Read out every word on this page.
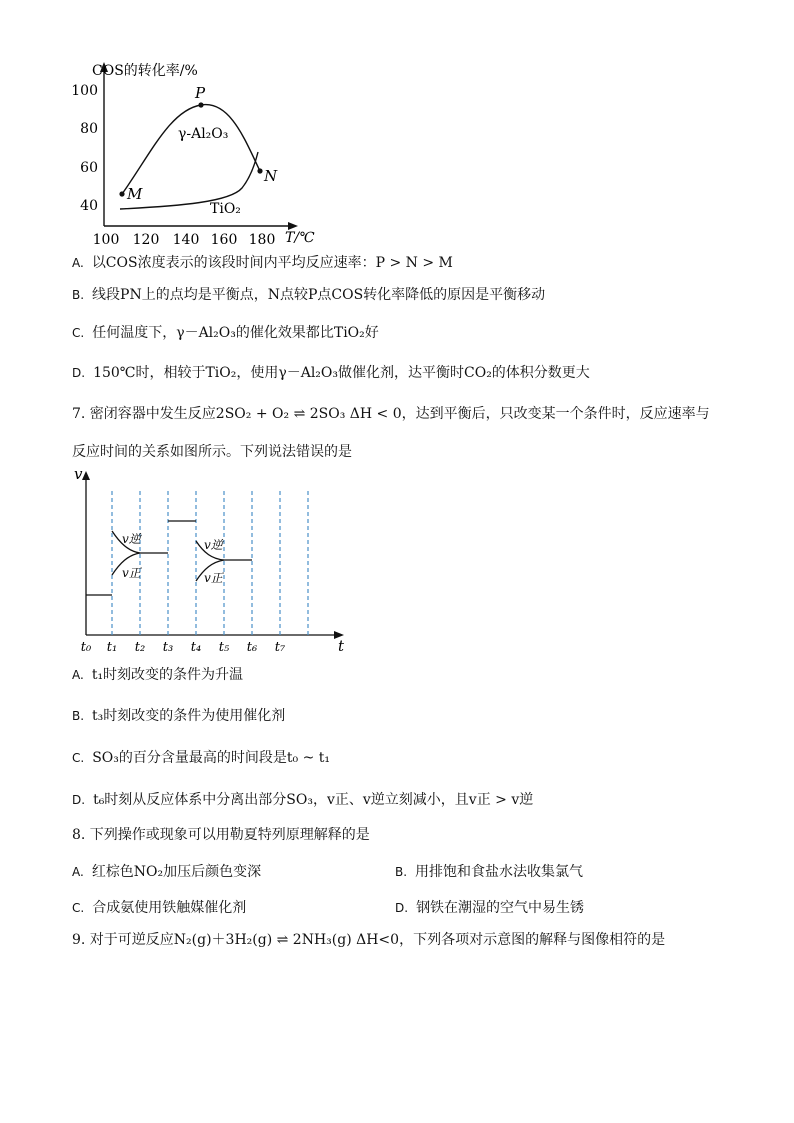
COS的转化率/%
100
80
60
40
100 120 140 160 180 T/℃
P
M
N
γ-Al₂O₃
TiO₂
A. 以COS浓度表示的该段时间内平均反应速率：P > N > M
B. 线段PN上的点均是平衡点，N点较P点COS转化率降低的原因是平衡移动
C. 任何温度下，γ－Al₂O₃的催化效果都比TiO₂好
D. 150℃时，相较于TiO₂，使用γ－Al₂O₃做催化剂，达平衡时CO₂的体积分数更大
7. 密闭容器中发生反应2SO₂ + O₂ ⇌ 2SO₃ ΔH < 0，达到平衡后，只改变某一个条件时，反应速率与
反应时间的关系如图所示。下列说法错误的是
v
t
v逆
v正
v逆
v正
t₀ t₁ t₂ t₃ t₄ t₅ t₆ t₇
A. t₁时刻改变的条件为升温
B. t₃时刻改变的条件为使用催化剂
C. SO₃的百分含量最高的时间段是t₀ ~ t₁
D. t₆时刻从反应体系中分离出部分SO₃，v正、v逆立刻减小，且v正 > v逆
8. 下列操作或现象可以用勒夏特列原理解释的是
A. 红棕色NO₂加压后颜色变深	B. 用排饱和食盐水法收集氯气
C. 合成氨使用铁触媒催化剂	D. 钢铁在潮湿的空气中易生锈
9. 对于可逆反应N₂(g)＋3H₂(g) ⇌ 2NH₃(g) ΔH<0，下列各项对示意图的解释与图像相符的是
